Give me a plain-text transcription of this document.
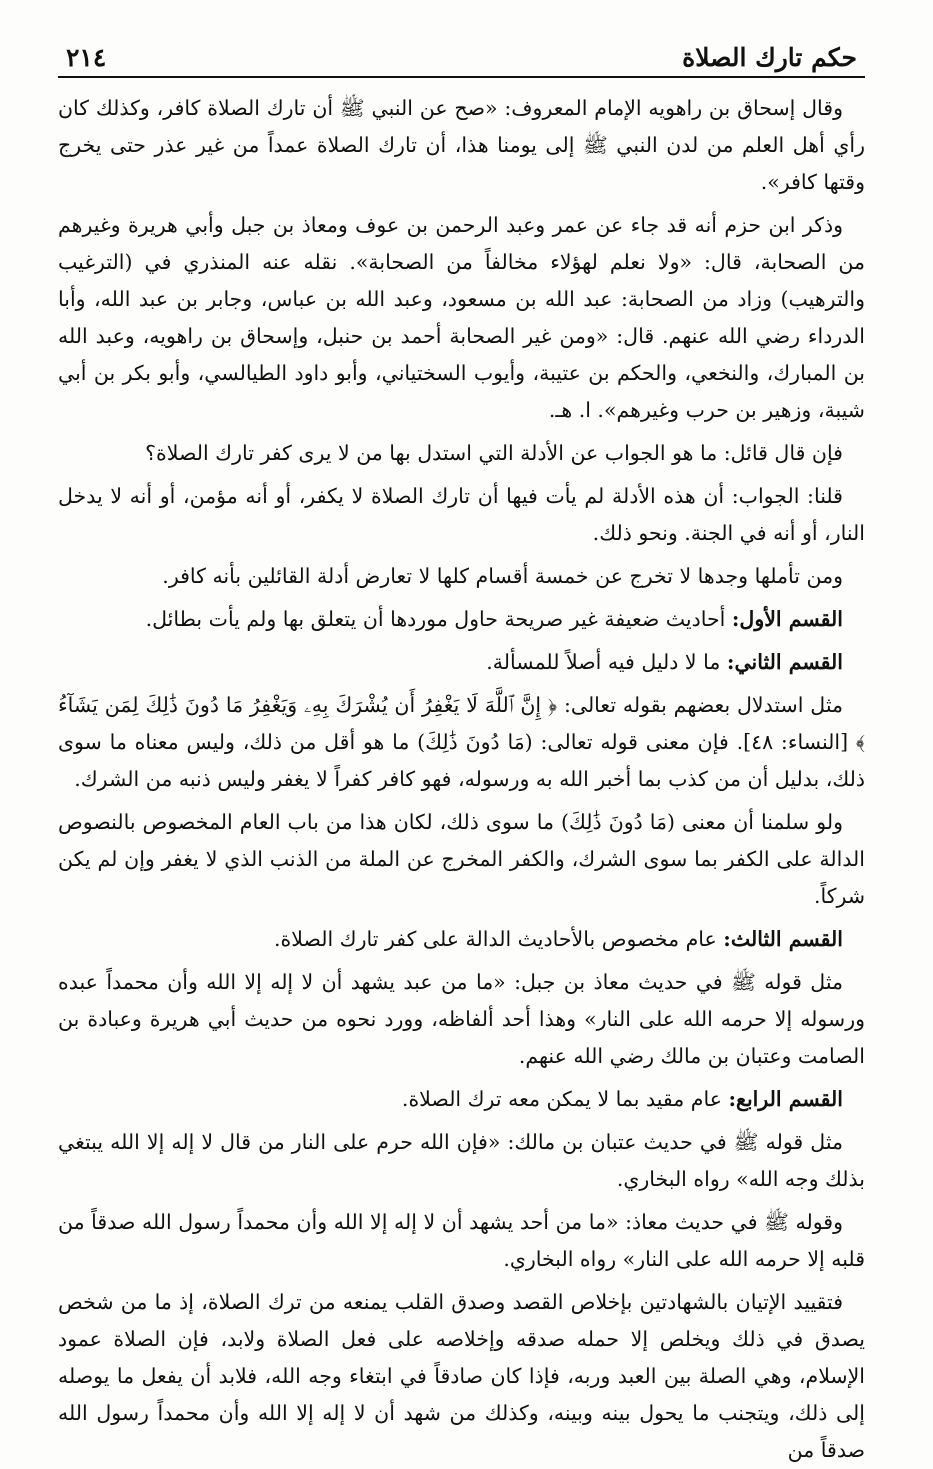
حكم تارك الصلاة
٢١٤

وقال إسحاق بن راهويه الإمام المعروف: «صح عن النبي ﷺ أن تارك الصلاة كافر، وكذلك كان رأي أهل العلم من لدن النبي ﷺ إلى يومنا هذا، أن تارك الصلاة عمداً من غير عذر حتى يخرج وقتها كافر».

وذكر ابن حزم أنه قد جاء عن عمر وعبد الرحمن بن عوف ومعاذ بن جبل وأبي هريرة وغيرهم من الصحابة، قال: «ولا نعلم لهؤلاء مخالفاً من الصحابة». نقله عنه المنذري في (الترغيب والترهيب) وزاد من الصحابة: عبد الله بن مسعود، وعبد الله بن عباس، وجابر بن عبد الله، وأبا الدرداء رضي الله عنهم. قال: «ومن غير الصحابة أحمد بن حنبل، وإسحاق بن راهويه، وعبد الله بن المبارك، والنخعي، والحكم بن عتيبة، وأيوب السختياني، وأبو داود الطيالسي، وأبو بكر بن أبي شيبة، وزهير بن حرب وغيرهم». ا. هـ.

فإن قال قائل: ما هو الجواب عن الأدلة التي استدل بها من لا يرى كفر تارك الصلاة؟

قلنا: الجواب: أن هذه الأدلة لم يأت فيها أن تارك الصلاة لا يكفر، أو أنه مؤمن، أو أنه لا يدخل النار، أو أنه في الجنة. ونحو ذلك.

ومن تأملها وجدها لا تخرج عن خمسة أقسام كلها لا تعارض أدلة القائلين بأنه كافر.

القسم الأول: أحاديث ضعيفة غير صريحة حاول موردها أن يتعلق بها ولم يأت بطائل.

القسم الثاني: ما لا دليل فيه أصلاً للمسألة.

مثل استدلال بعضهم بقوله تعالى: ﴿ إِنَّ ٱللَّهَ لَا يَغْفِرُ أَن يُشْرَكَ بِهِۦ وَيَغْفِرُ مَا دُونَ ذَٰلِكَ لِمَن يَشَآءُ ﴾ [النساء: ٤٨]. فإن معنى قوله تعالى: (مَا دُونَ ذَٰلِكَ) ما هو أقل من ذلك، وليس معناه ما سوى ذلك، بدليل أن من كذب بما أخبر الله به ورسوله، فهو كافر كفراً لا يغفر وليس ذنبه من الشرك.

ولو سلمنا أن معنى (مَا دُونَ ذَٰلِكَ) ما سوى ذلك، لكان هذا من باب العام المخصوص بالنصوص الدالة على الكفر بما سوى الشرك، والكفر المخرج عن الملة من الذنب الذي لا يغفر وإن لم يكن شركاً.

القسم الثالث: عام مخصوص بالأحاديث الدالة على كفر تارك الصلاة.

مثل قوله ﷺ في حديث معاذ بن جبل: «ما من عبد يشهد أن لا إله إلا الله وأن محمداً عبده ورسوله إلا حرمه الله على النار» وهذا أحد ألفاظه، وورد نحوه من حديث أبي هريرة وعبادة بن الصامت وعتبان بن مالك رضي الله عنهم.

القسم الرابع: عام مقيد بما لا يمكن معه ترك الصلاة.

مثل قوله ﷺ في حديث عتبان بن مالك: «فإن الله حرم على النار من قال لا إله إلا الله يبتغي بذلك وجه الله» رواه البخاري.

وقوله ﷺ في حديث معاذ: «ما من أحد يشهد أن لا إله إلا الله وأن محمداً رسول الله صدقاً من قلبه إلا حرمه الله على النار» رواه البخاري.

فتقييد الإتيان بالشهادتين بإخلاص القصد وصدق القلب يمنعه من ترك الصلاة، إذ ما من شخص يصدق في ذلك ويخلص إلا حمله صدقه وإخلاصه على فعل الصلاة ولابد، فإن الصلاة عمود الإسلام، وهي الصلة بين العبد وربه، فإذا كان صادقاً في ابتغاء وجه الله، فلابد أن يفعل ما يوصله إلى ذلك، ويتجنب ما يحول بينه وبينه، وكذلك من شهد أن لا إله إلا الله وأن محمداً رسول الله صدقاً من
